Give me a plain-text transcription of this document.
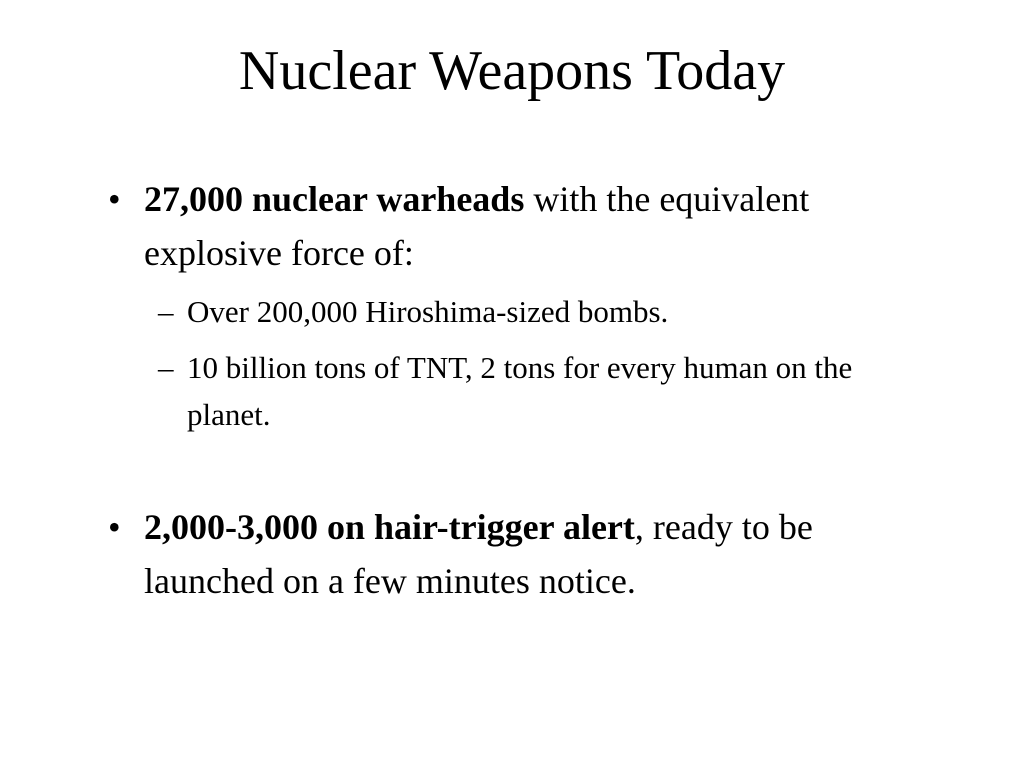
Nuclear Weapons Today
• 27,000 nuclear warheads with the equivalent explosive force of:
– Over 200,000 Hiroshima-sized bombs.
– 10 billion tons of TNT, 2 tons for every human on the planet.
• 2,000-3,000 on hair-trigger alert, ready to be launched on a few minutes notice.
